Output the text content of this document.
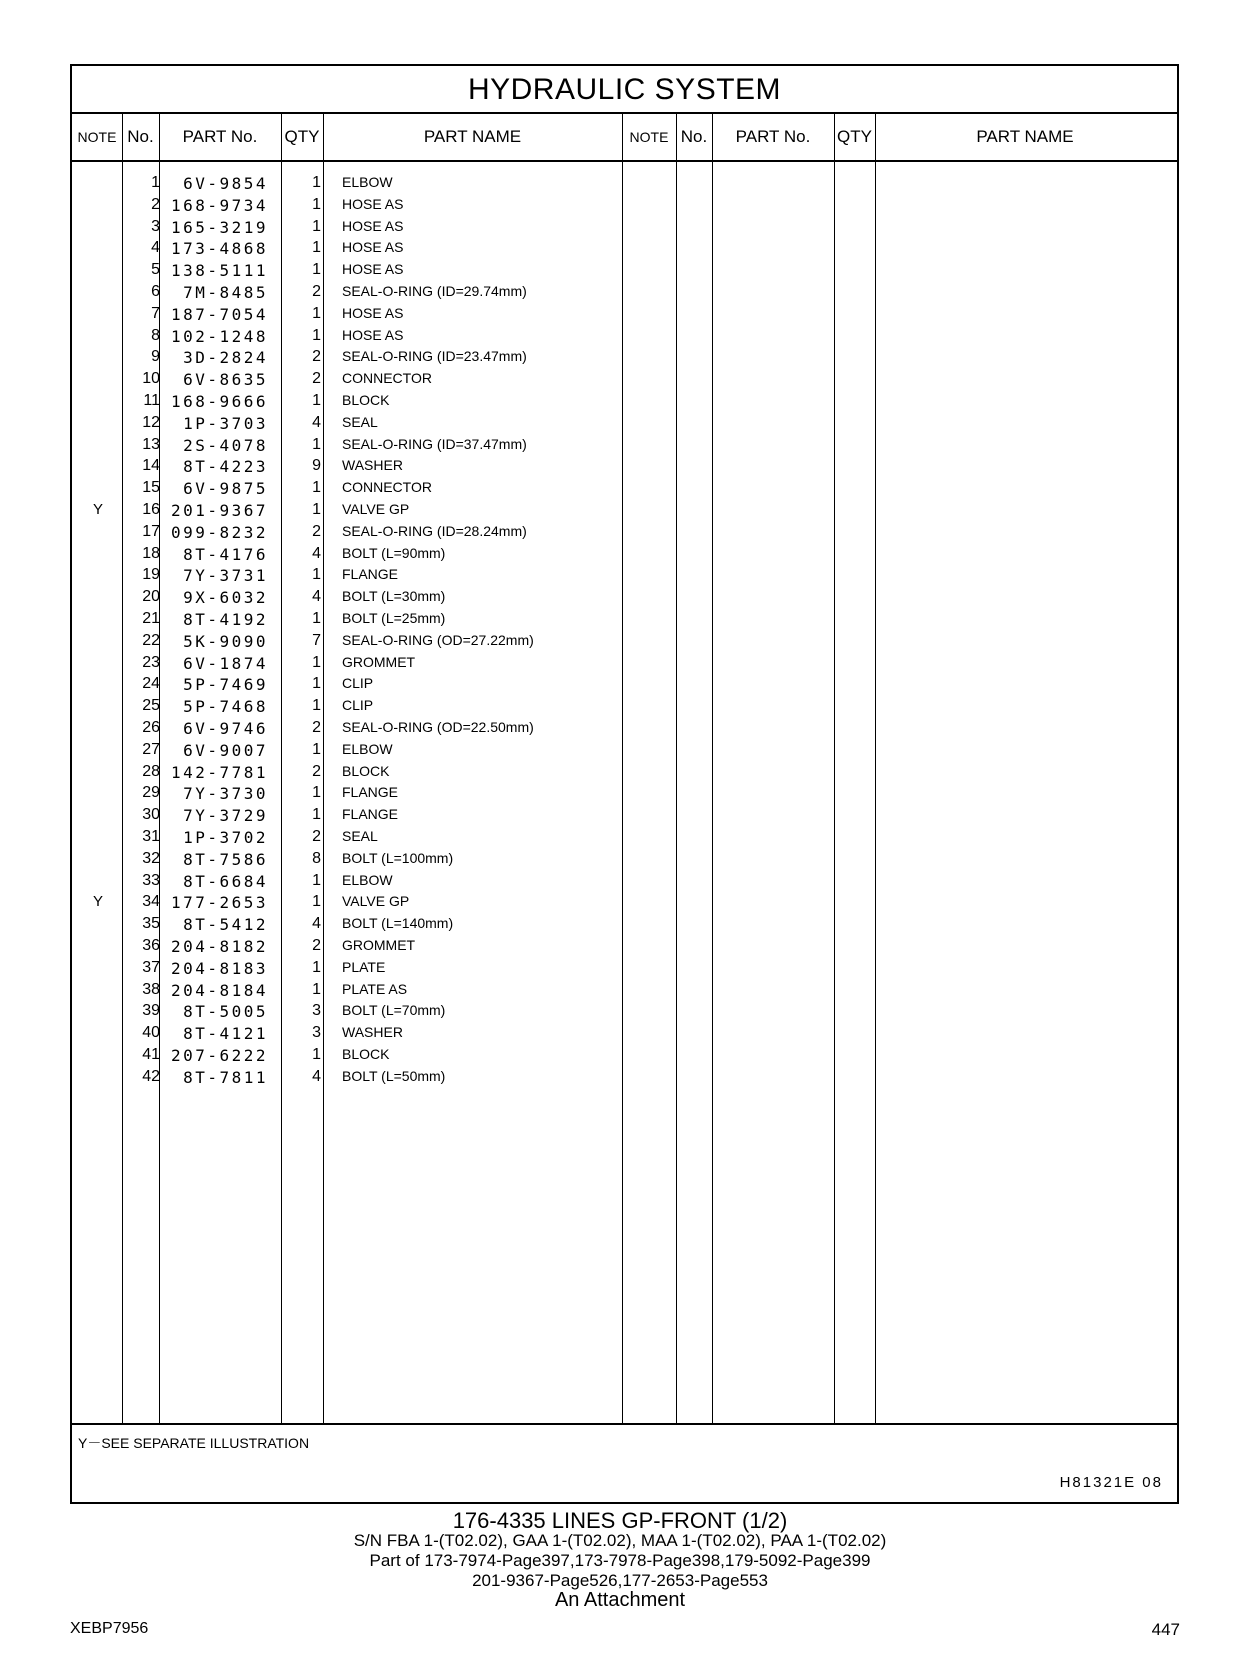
HYDRAULIC SYSTEM
NOTE No.	PART No.	QTY	PART NAME	NOTE No.	PART No.	QTY	PART NAME
1	6V-9854	1 ELBOW
2 168-9734	1 HOSE AS
3 165-3219	1 HOSE AS
4 173-4868	1 HOSE AS
5 138-5111	1 HOSE AS
6	7M-8485	2 SEAL-O-RING (ID=29.74mm)
7 187-7054	1 HOSE AS
8 102-1248	1 HOSE AS
9	3D-2824	2 SEAL-O-RING (ID=23.47mm)
10	6V-8635	2 CONNECTOR
11 168-9666	1 BLOCK
12	1P-3703	4 SEAL
13	2S-4078	1 SEAL-O-RING (ID=37.47mm)
14	8T-4223	9 WASHER
15	6V-9875	1 CONNECTOR
Y	16 201-9367	1 VALVE GP
17 099-8232	2 SEAL-O-RING (ID=28.24mm)
18	8T-4176	4 BOLT (L=90mm)
19	7Y-3731	1 FLANGE
20	9X-6032	4 BOLT (L=30mm)
21	8T-4192	1 BOLT (L=25mm)
22	5K-9090	7 SEAL-O-RING (OD=27.22mm)
23	6V-1874	1 GROMMET
24	5P-7469	1 CLIP
25	5P-7468	1 CLIP
26	6V-9746	2 SEAL-O-RING (OD=22.50mm)
27	6V-9007	1 ELBOW
28 142-7781	2 BLOCK
29	7Y-3730	1 FLANGE
30	7Y-3729	1 FLANGE
31	1P-3702	2 SEAL
32	8T-7586	8 BOLT (L=100mm)
33	8T-6684	1 ELBOW
Y	34 177-2653	1 VALVE GP
35	8T-5412	4 BOLT (L=140mm)
36 204-8182	2 GROMMET
37 204-8183	1 PLATE
38 204-8184	1 PLATE AS
39	8T-5005	3 BOLT (L=70mm)
40	8T-4121	3 WASHER
41 207-6222	1 BLOCK
42	8T-7811	4 BOLT (L=50mm)
Y－SEE SEPARATE ILLUSTRATION
H81321E 08
176-4335 LINES GP-FRONT (1/2)
S/N FBA 1-(T02.02), GAA 1-(T02.02), MAA 1-(T02.02), PAA 1-(T02.02)
Part of 173-7974-Page397,173-7978-Page398,179-5092-Page399
201-9367-Page526,177-2653-Page553
An Attachment
XEBP7956	447
